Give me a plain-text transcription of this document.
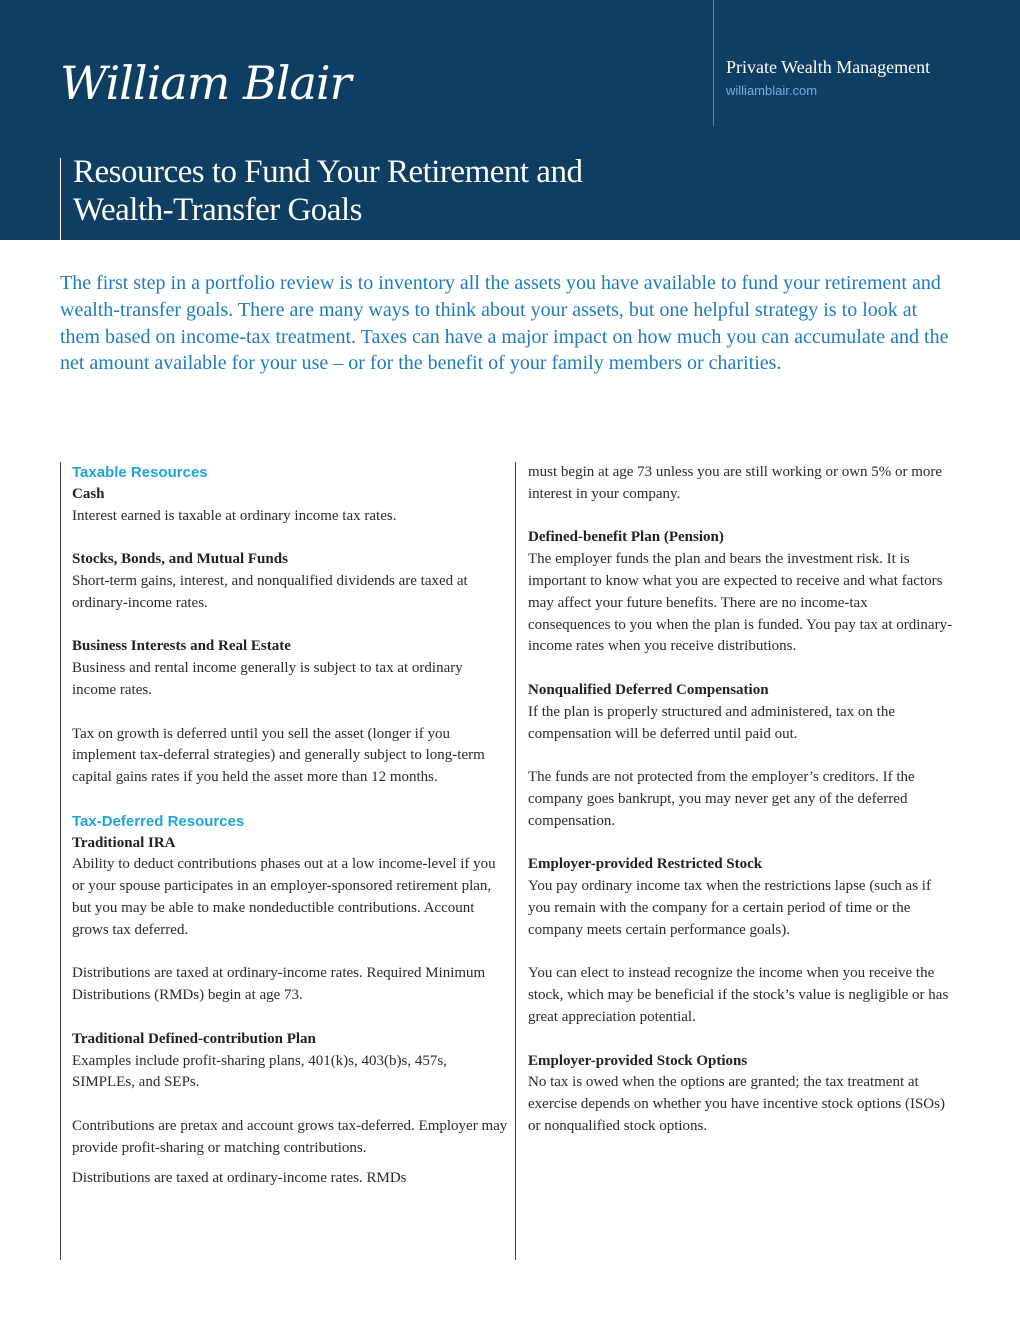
William Blair	Private Wealth Management
williamblair.com
Resources to Fund Your Retirement and
Wealth-Transfer Goals
The first step in a portfolio review is to inventory all the assets you have available to fund your retirement and wealth-transfer goals. There are many ways to think about your assets, but one helpful strategy is to look at them based on income-tax treatment. Taxes can have a major impact on how much you can accumulate and the net amount available for your use – or for the benefit of your family members or charities.

Taxable Resources

Cash

Interest earned is taxable at ordinary income tax rates.

Stocks, Bonds, and Mutual Funds

Short-term gains, interest, and nonqualified dividends are taxed at ordinary-income rates.

Business Interests and Real Estate

Business and rental income generally is subject to tax at ordinary income rates.

Tax on growth is deferred until you sell the asset (longer if you implement tax-deferral strategies) and generally subject to long-term capital gains rates if you held the asset more than 12 months.

Tax-Deferred Resources

Traditional IRA

Ability to deduct contributions phases out at a low income-level if you or your spouse participates in an employer-sponsored retirement plan, but you may be able to make nondeductible contributions. Account grows tax deferred.

Distributions are taxed at ordinary-income rates. Required Minimum Distributions (RMDs) begin at age 73.

Traditional Defined-contribution Plan

Examples include profit-sharing plans, 401(k)s, 403(b)s, 457s, SIMPLEs, and SEPs.

Contributions are pretax and account grows tax-deferred. Employer may provide profit-sharing or matching contributions.

Distributions are taxed at ordinary-income rates. RMDs

must begin at age 73 unless you are still working or own 5% or more interest in your company.

Defined-benefit Plan (Pension)

The employer funds the plan and bears the investment risk. It is important to know what you are expected to receive and what factors may affect your future benefits. There are no income-tax consequences to you when the plan is funded. You pay tax at ordinary-income rates when you receive distributions.

Nonqualified Deferred Compensation

If the plan is properly structured and administered, tax on the compensation will be deferred until paid out.

The funds are not protected from the employer’s creditors. If the company goes bankrupt, you may never get any of the deferred compensation.

Employer-provided Restricted Stock

You pay ordinary income tax when the restrictions lapse (such as if you remain with the company for a certain period of time or the company meets certain performance goals).

You can elect to instead recognize the income when you receive the stock, which may be beneficial if the stock’s value is negligible or has great appreciation potential.

Employer-provided Stock Options

No tax is owed when the options are granted; the tax treatment at exercise depends on whether you have incentive stock options (ISOs) or nonqualified stock options.
